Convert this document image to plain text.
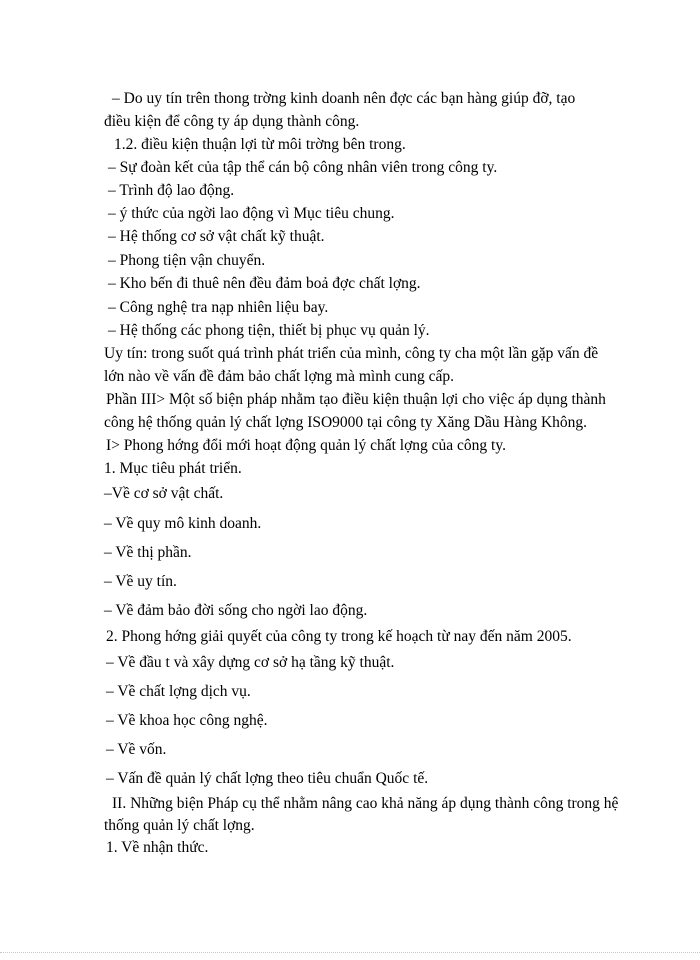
– Do uy tín trên thong trờng kinh doanh nên đợc các bạn hàng giúp đỡ, tạo
điều kiện để công ty áp dụng thành công.
1.2. điều kiện thuận lợi từ môi trờng bên trong.
– Sự đoàn kết của tập thể cán bộ công nhân viên trong công ty.
– Trình độ lao động.
– ý thức của ngời lao động vì Mục tiêu chung.
– Hệ thống cơ sở vật chất kỹ thuật.
– Phong tiện vận chuyển.
– Kho bến đi thuê nên đều đảm boả đợc chất lợng.
– Công nghệ tra nạp nhiên liệu bay.
– Hệ thống các phong tiện, thiết bị phục vụ quản lý.
Uy tín: trong suốt quá trình phát triển của mình, công ty cha một lần gặp vấn đề
lớn nào về vấn đề đảm bảo chất lợng mà mình cung cấp.
Phần III> Một số biện pháp nhằm tạo điều kiện thuận lợi cho việc áp dụng thành
công hệ thống quản lý chất lợng ISO9000 tại công ty Xăng Dầu Hàng Không.
I> Phong hớng đổi mới hoạt động quản lý chất lợng của công ty.
1. Mục tiêu phát triển.
–Về cơ sở vật chất.
– Về quy mô kinh doanh.
– Về thị phần.
– Về uy tín.
– Về đảm bảo đời sống cho ngời lao động.
2. Phong hớng giải quyết của công ty trong kế hoạch từ nay đến năm 2005.
– Về đầu t và xây dựng cơ sở hạ tầng kỹ thuật.
– Về chất lợng dịch vụ.
– Về khoa học công nghệ.
– Về vốn.
– Vấn đề quản lý chất lợng theo tiêu chuẩn Quốc tế.
II. Những biện Pháp cụ thể nhằm nâng cao khả năng áp dụng thành công trong hệ
thống quản lý chất lợng.
1. Về nhận thức.
